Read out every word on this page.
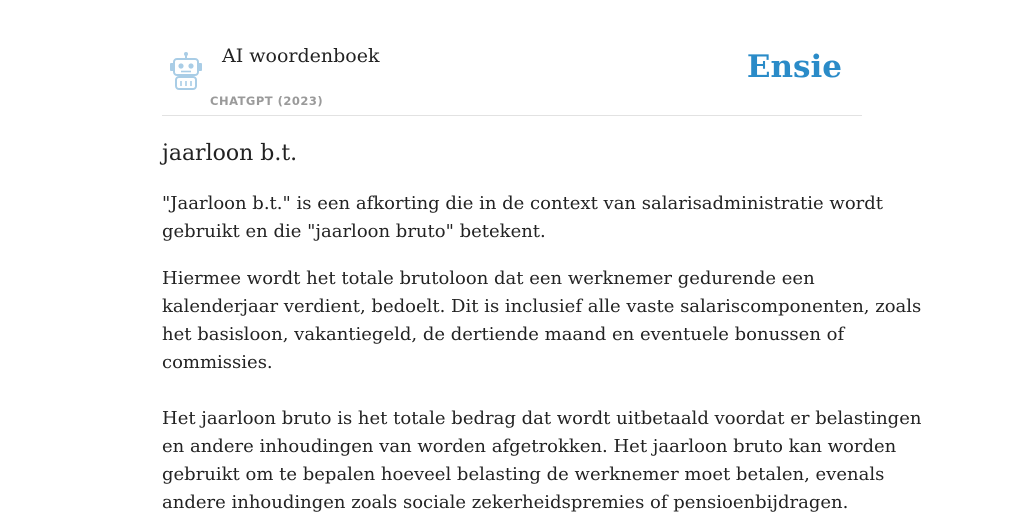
AI woordenboek
CHATGPT (2023)
Ensie
jaarloon b.t.

"Jaarloon b.t." is een afkorting die in de context van salarisadministratie wordt
gebruikt en die "jaarloon bruto" betekent.

Hiermee wordt het totale brutoloon dat een werknemer gedurende een
kalenderjaar verdient, bedoelt. Dit is inclusief alle vaste salariscomponenten, zoals
het basisloon, vakantiegeld, de dertiende maand en eventuele bonussen of
commissies.

Het jaarloon bruto is het totale bedrag dat wordt uitbetaald voordat er belastingen
en andere inhoudingen van worden afgetrokken. Het jaarloon bruto kan worden
gebruikt om te bepalen hoeveel belasting de werknemer moet betalen, evenals
andere inhoudingen zoals sociale zekerheidspremies of pensioenbijdragen.
